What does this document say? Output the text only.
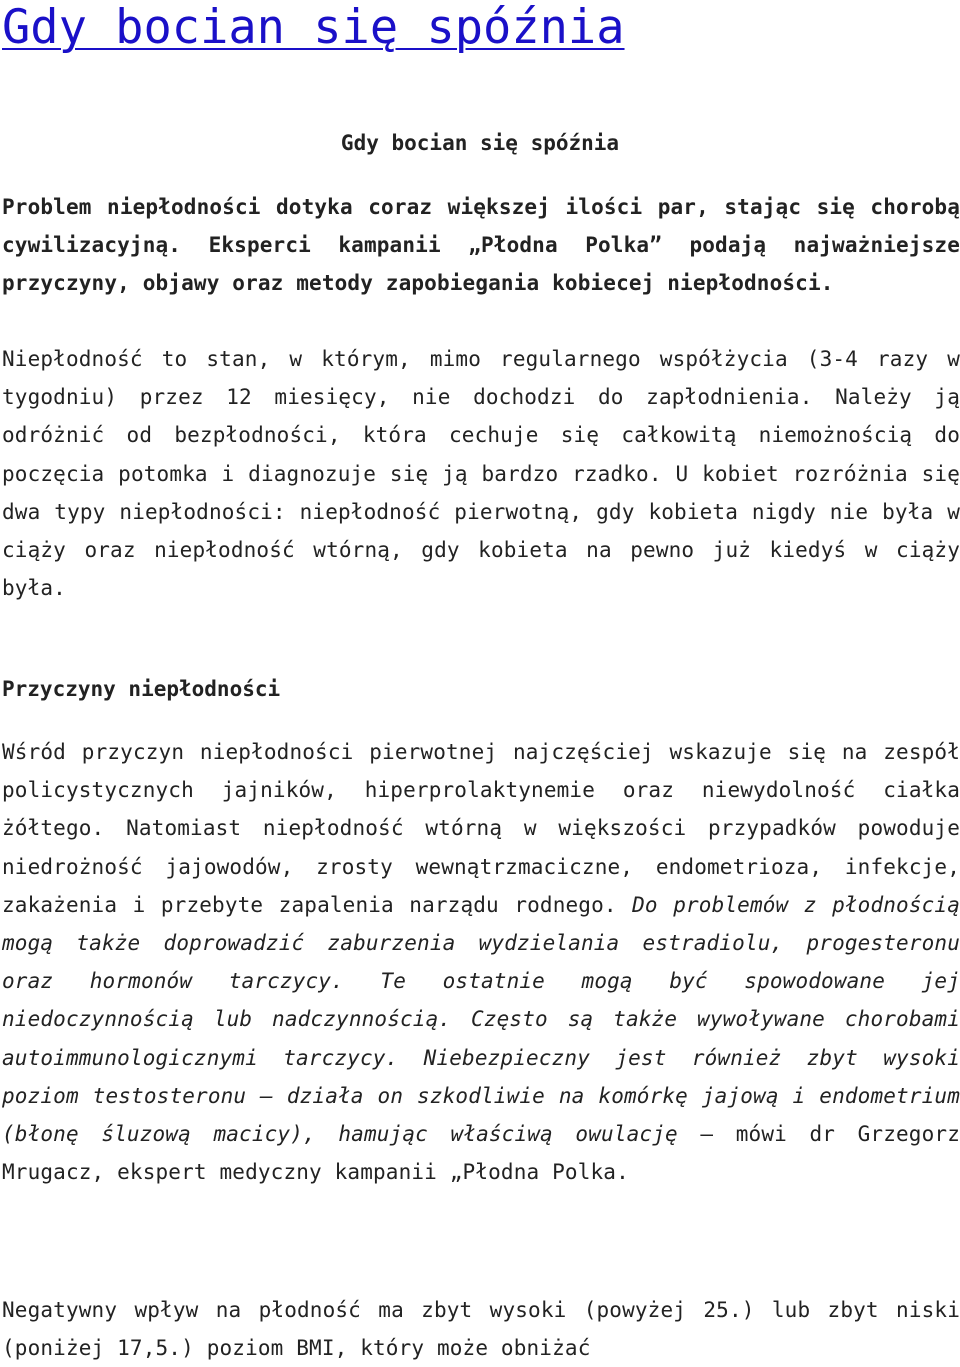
Gdy bocian się spóźnia
Gdy bocian się spóźnia

Problem niepłodności dotyka coraz większej ilości par, stając się chorobą cywilizacyjną. Eksperci kampanii „Płodna Polka” podają najważniejsze przyczyny, objawy oraz metody zapobiegania kobiecej niepłodności.

Niepłodność to stan, w którym, mimo regularnego współżycia (3-4 razy w tygodniu) przez 12 miesięcy, nie dochodzi do zapłodnienia. Należy ją odróżnić od bezpłodności, która cechuje się całkowitą niemożnością do poczęcia potomka i diagnozuje się ją bardzo rzadko. U kobiet rozróżnia się dwa typy niepłodności: niepłodność pierwotną, gdy kobieta nigdy nie była w ciąży oraz niepłodność wtórną, gdy kobieta na pewno już kiedyś w ciąży była.

Przyczyny niepłodności

Wśród przyczyn niepłodności pierwotnej najczęściej wskazuje się na zespół policystycznych jajników, hiperprolaktynemie oraz niewydolność ciałka żółtego. Natomiast niepłodność wtórną w większości przypadków powoduje niedrożność jajowodów, zrosty wewnątrzmaciczne, endometrioza, infekcje, zakażenia i przebyte zapalenia narządu rodnego. Do problemów z płodnością mogą także doprowadzić zaburzenia wydzielania estradiolu, progesteronu oraz hormonów tarczycy. Te ostatnie mogą być spowodowane jej niedoczynnością lub nadczynnością. Często są także wywoływane chorobami autoimmunologicznymi tarczycy. Niebezpieczny jest również zbyt wysoki poziom testosteronu – działa on szkodliwie na komórkę jajową i endometrium (błonę śluzową macicy), hamując właściwą owulację – mówi dr Grzegorz Mrugacz, ekspert medyczny kampanii „Płodna Polka.

Negatywny wpływ na płodność ma zbyt wysoki (powyżej 25.) lub zbyt niski (poniżej 17,5.) poziom BMI, który może obniżać
